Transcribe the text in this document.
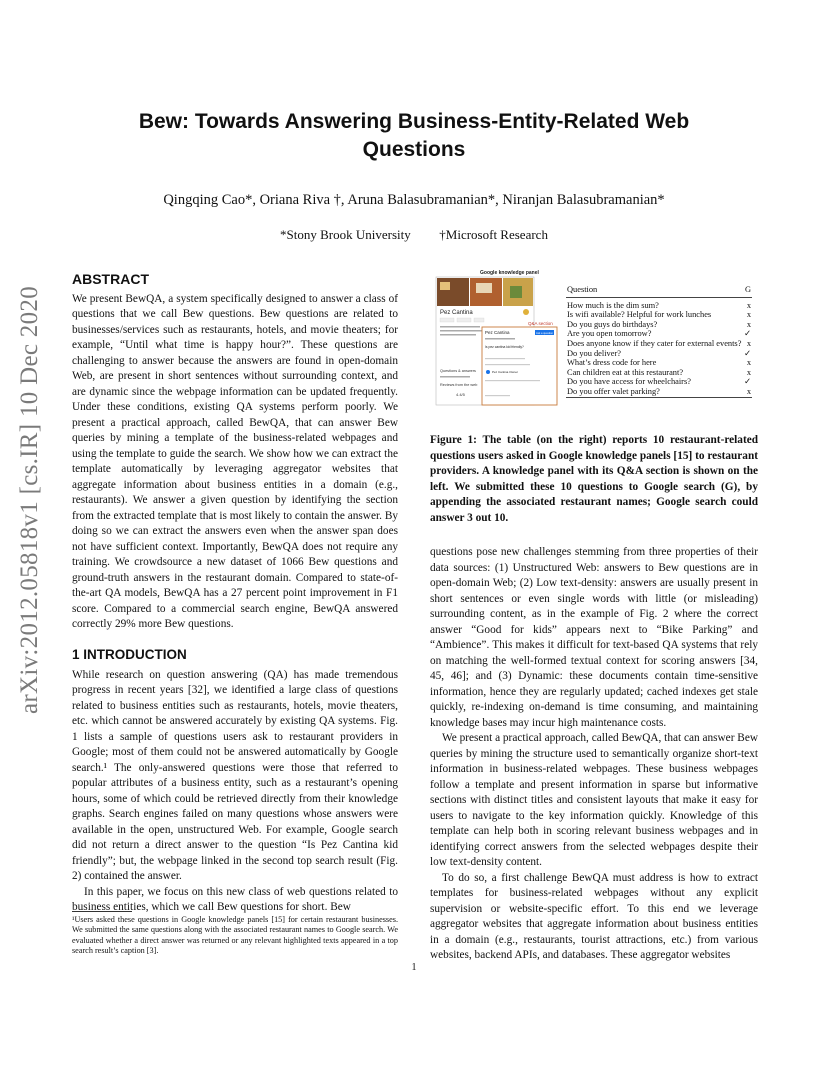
arXiv:2012.05818v1 [cs.IR] 10 Dec 2020
Bew: Towards Answering Business-Entity-Related Web Questions
Qingqing Cao*, Oriana Riva †, Aruna Balasubramanian*, Niranjan Balasubramanian*
*Stony Brook University †Microsoft Research
ABSTRACT

We present BewQA, a system specifically designed to answer a class of questions that we call Bew questions. Bew questions are related to businesses/services such as restaurants, hotels, and movie theaters; for example, “Until what time is happy hour?”. These questions are challenging to answer because the answers are found in open-domain Web, are present in short sentences without surrounding context, and are dynamic since the webpage information can be updated frequently. Under these conditions, existing QA systems perform poorly. We present a practical approach, called BewQA, that can answer Bew queries by mining a template of the business-related webpages and using the template to guide the search. We show how we can extract the template automatically by leveraging aggregator websites that aggregate information about business entities in a domain (e.g., restaurants). We answer a given question by identifying the section from the extracted template that is most likely to contain the answer. By doing so we can extract the answers even when the answer span does not have sufficient context. Importantly, BewQA does not require any training. We crowdsource a new dataset of 1066 Bew questions and ground-truth answers in the restaurant domain. Compared to state-of-the-art QA models, BewQA has a 27 percent point improvement in F1 score. Compared to a commercial search engine, BewQA answered correctly 29% more Bew questions.

1 INTRODUCTION

While research on question answering (QA) has made tremendous progress in recent years [32], we identified a large class of questions related to business entities such as restaurants, hotels, movie theaters, etc. which cannot be answered accurately by existing QA systems. Fig. 1 lists a sample of questions users ask to restaurant providers in Google; most of them could not be answered automatically by Google search.¹ The only-answered questions were those that referred to popular attributes of a business entity, such as a restaurant’s opening hours, some of which could be retrieved directly from their knowledge graphs. Search engines failed on many questions whose answers were available in the open, unstructured Web. For example, Google search did not return a direct answer to the question “Is Pez Cantina kid friendly”; but, the webpage linked in the second top search result (Fig. 2) contained the answer.

In this paper, we focus on this new class of web questions related to business entities, which we call Bew questions for short. Bew

¹Users asked these questions in Google knowledge panels [15] for certain restaurant businesses. We submitted the same questions along with the associated restaurant names to Google search. We evaluated whether a direct answer was returned or any relevant highlighted texts appeared in a top search result’s caption [3].
Google knowledge panel
Pez Cantina
Questions & answers
Reviews from the web
4.4/5
Q&A section
Pez Cantina	Ask a question
Is pez cantina kid friendly?
Pez Cantina Owner
Question	G
How much is the dim sum?	x
Is wifi available? Helpful for work lunches	x
Do you guys do birthdays?	x
Are you open tomorrow?	✓
Does anyone know if they cater for external events?	x
Do you deliver?	✓
What’s dress code for here	x
Can children eat at this restaurant?	x
Do you have access for wheelchairs?	✓
Do you offer valet parking?	x
Figure 1: The table (on the right) reports 10 restaurant-related questions users asked in Google knowledge panels [15] to restaurant providers. A knowledge panel with its Q&A section is shown on the left. We submitted these 10 questions to Google search (G), by appending the associated restaurant names; Google search could answer 3 out 10.

questions pose new challenges stemming from three properties of their data sources: (1) Unstructured Web: answers to Bew questions are in open-domain Web; (2) Low text-density: answers are usually present in short sentences or even single words with little (or misleading) surrounding content, as in the example of Fig. 2 where the correct answer “Good for kids” appears next to “Bike Parking” and “Ambience”. This makes it difficult for text-based QA systems that rely on matching the well-formed textual context for scoring answers [34, 45, 46]; and (3) Dynamic: these documents contain time-sensitive information, hence they are regularly updated; cached indexes get stale quickly, re-indexing on-demand is time consuming, and maintaining knowledge bases may incur high maintenance costs.

We present a practical approach, called BewQA, that can answer Bew queries by mining the structure used to semantically organize short-text information in business-related webpages. These business webpages follow a template and present information in sparse but informative sections with distinct titles and consistent layouts that make it easy for users to navigate to the key information quickly. Knowledge of this template can help both in scoring relevant business webpages and in identifying correct answers from the selected webpages despite their low text-density content.

To do so, a first challenge BewQA must address is how to extract templates for business-related webpages without any explicit supervision or website-specific effort. To this end we leverage aggregator websites that aggregate information about business entities in a domain (e.g., restaurants, tourist attractions, etc.) from various websites, backend APIs, and databases. These aggregator websites

1
